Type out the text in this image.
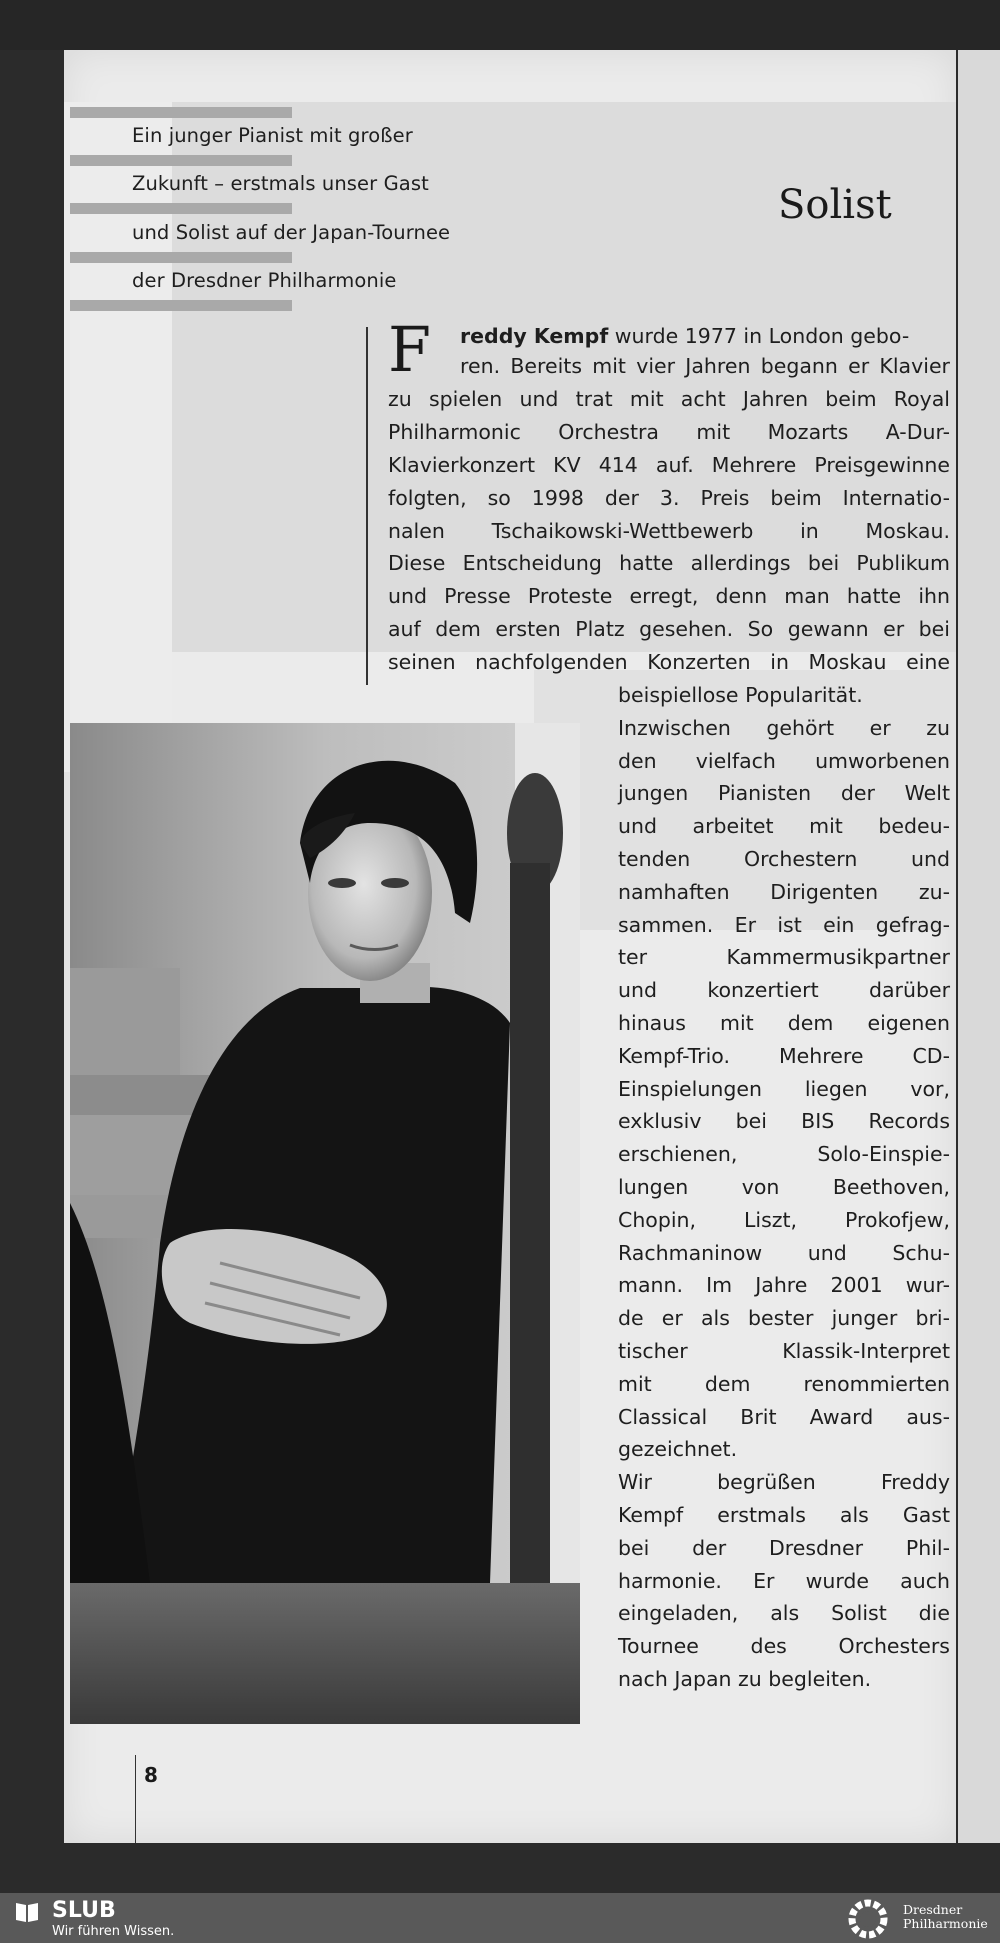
Ein junger Pianist mit großer
Zukunft – erstmals unser Gast
und Solist auf der Japan-Tournee
der Dresdner Philharmonie
Solist
F reddy Kempf wurde 1977 in London gebo-
ren. Bereits mit vier Jahren begann er Klavier
zu spielen und trat mit acht Jahren beim Royal
Philharmonic Orchestra mit Mozarts A-Dur-
Klavierkonzert KV 414 auf. Mehrere Preisgewinne
folgten, so 1998 der 3. Preis beim Internatio-
nalen Tschaikowski-Wettbewerb in Moskau.
Diese Entscheidung hatte allerdings bei Publikum
und Presse Proteste erregt, denn man hatte ihn
auf dem ersten Platz gesehen. So gewann er bei
seinen nachfolgenden Konzerten in Moskau eine
beispiellose Popularität.
Inzwischen gehört er zu
den vielfach umworbenen
jungen Pianisten der Welt
und arbeitet mit bedeu-
tenden Orchestern und
namhaften Dirigenten zu-
sammen. Er ist ein gefrag-
ter Kammermusikpartner
und konzertiert darüber
hinaus mit dem eigenen
Kempf-Trio. Mehrere CD-
Einspielungen liegen vor,
exklusiv bei BIS Records
erschienen, Solo-Einspie-
lungen von Beethoven,
Chopin, Liszt, Prokofjew,
Rachmaninow und Schu-
mann. Im Jahre 2001 wur-
de er als bester junger bri-
tischer Klassik-Interpret
mit dem renommierten
Classical Brit Award aus-
gezeichnet.
Wir begrüßen Freddy
Kempf erstmals als Gast
bei der Dresdner Phil-
harmonie. Er wurde auch
eingeladen, als Solist die
Tournee des Orchesters
nach Japan zu begleiten.
8
SLUB
Wir führen Wissen.
Dresdner
Philharmonie
